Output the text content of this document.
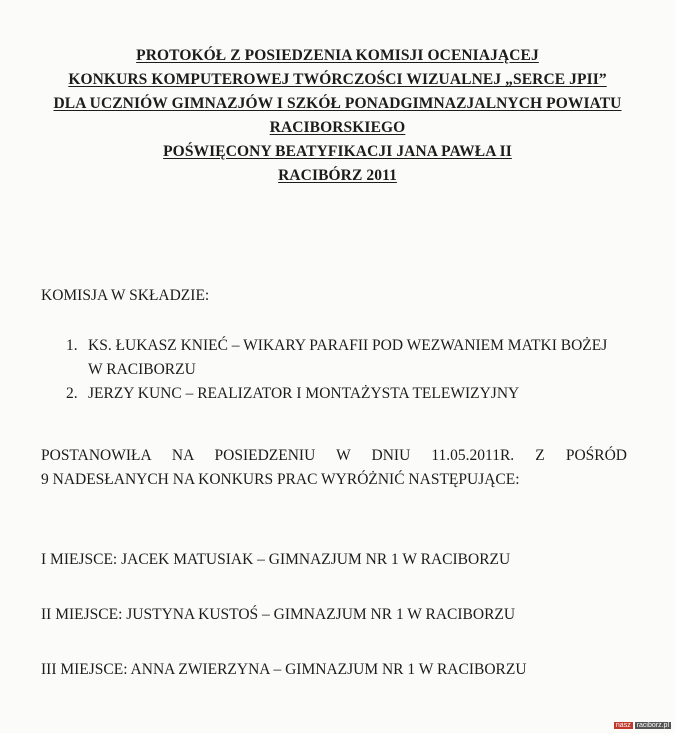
PROTOKÓŁ Z POSIEDZENIA KOMISJI OCENIAJĄCEJ
KONKURS KOMPUTEROWEJ TWÓRCZOŚCI WIZUALNEJ „SERCE JPII”
DLA UCZNIÓW GIMNAZJÓW I SZKÓŁ PONADGIMNAZJALNYCH POWIATU
RACIBORSKIEGO
POŚWIĘCONY BEATYFIKACJI JANA PAWŁA II
RACIBÓRZ 2011
KOMISJA W SKŁADZIE:
1. KS. ŁUKASZ KNIEĆ – WIKARY PARAFII POD WEZWANIEM MATKI BOŻEJ
W RACIBORZU
2. JERZY KUNC – REALIZATOR I MONTAŻYSTA TELEWIZYJNY
POSTANOWIŁA NA POSIEDZENIU W DNIU 11.05.2011R. Z POŚRÓD
9 NADESŁANYCH NA KONKURS PRAC WYRÓŻNIĆ NASTĘPUJĄCE:
I MIEJSCE: JACEK MATUSIAK – GIMNAZJUM NR 1 W RACIBORZU
II MIEJSCE: JUSTYNA KUSTOŚ – GIMNAZJUM NR 1 W RACIBORZU
III MIEJSCE: ANNA ZWIERZYNA – GIMNAZJUM NR 1 W RACIBORZU
nasz raciborz.pl
